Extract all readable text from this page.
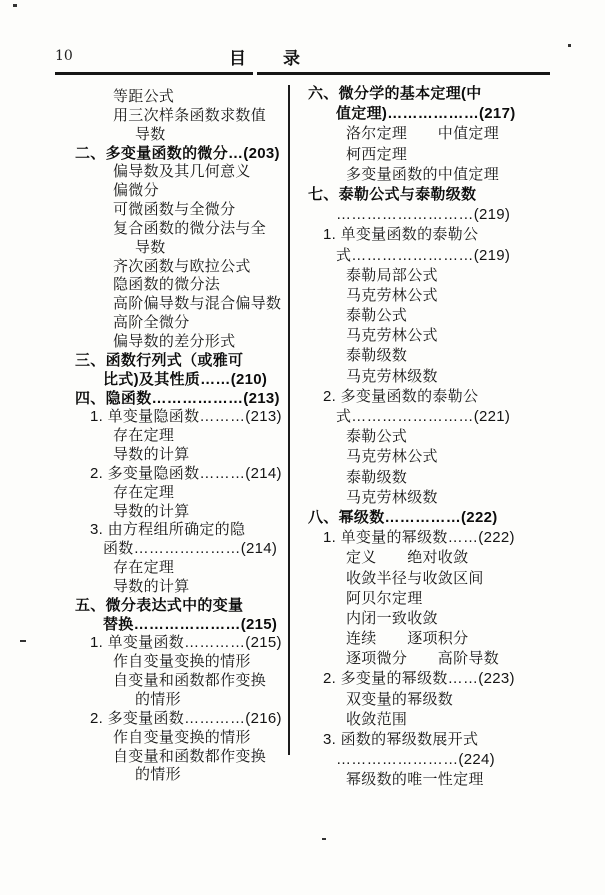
10	目　　录
等距公式
用三次样条函数求数值
导数
二、多变量函数的微分…(203)
偏导数及其几何意义
偏微分
可微函数与全微分
复合函数的微分法与全
导数
齐次函数与欧拉公式
隐函数的微分法
高阶偏导数与混合偏导数
高阶全微分
偏导数的差分形式
三、函数行列式（或雅可
比式)及其性质……(210)
四、隐函数………………(213)
1. 单变量隐函数………(213)
存在定理
导数的计算
2. 多变量隐函数………(214)
存在定理
导数的计算
3. 由方程组所确定的隐
函数…………………(214)
存在定理
导数的计算
五、微分表达式中的变量
替换…………………(215)
1. 单变量函数…………(215)
作自变量变换的情形
自变量和函数都作变换
的情形
2. 多变量函数…………(216)
作自变量变换的情形
自变量和函数都作变换
的情形
六、微分学的基本定理(中
值定理)………………(217)
洛尔定理　　中值定理
柯西定理
多变量函数的中值定理
七、泰勒公式与泰勒级数
………………………(219)
1. 单变量函数的泰勒公
式……………………(219)
泰勒局部公式
马克劳林公式
泰勒公式
马克劳林公式
泰勒级数
马克劳林级数
2. 多变量函数的泰勒公
式……………………(221)
泰勒公式
马克劳林公式
泰勒级数
马克劳林级数
八、幂级数……………(222)
1. 单变量的幂级数……(222)
定义　　绝对收敛
收敛半径与收敛区间
阿贝尔定理
内闭一致收敛
连续　　逐项积分
逐项微分　　高阶导数
2. 多变量的幂级数……(223)
双变量的幂级数
收敛范围
3. 函数的幂级数展开式
……………………(224)
幂级数的唯一性定理
